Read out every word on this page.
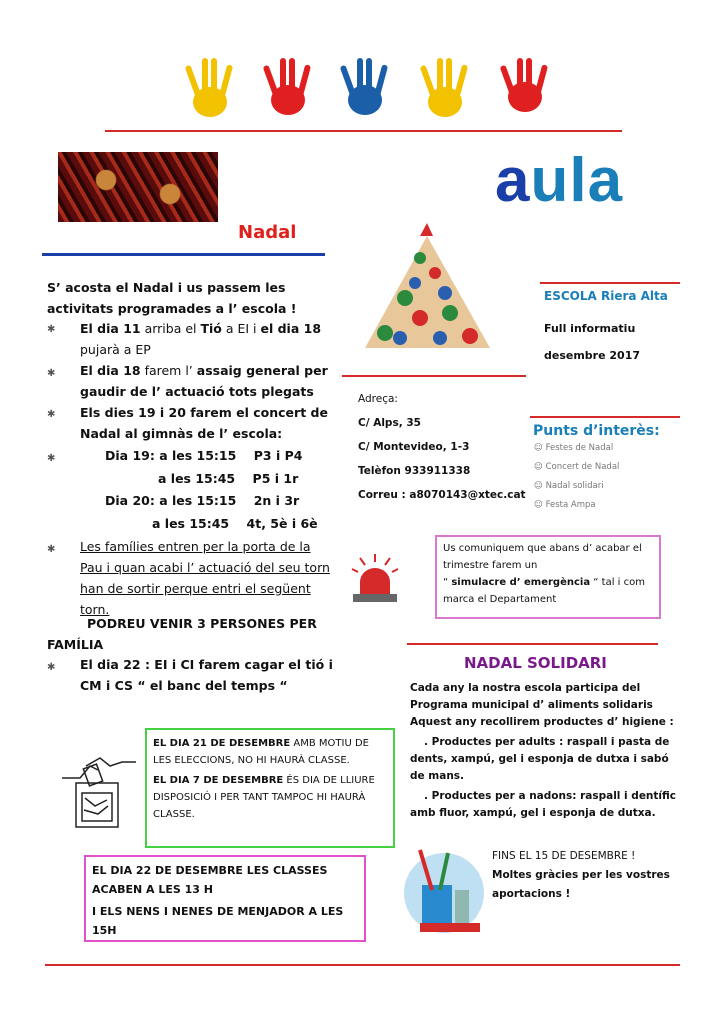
aula
Nadal
S’ acosta el Nadal i us passem les activitats programades a l’ escola !
✱ El dia 11 arriba el Tió a EI i el dia 18 pujarà a EP
✱ El dia 18 farem l’ assaig general per gaudir de l’ actuació tots plegats
✱ Els dies 19 i 20 farem el concert de Nadal al gimnàs de l’ escola:
✱	Dia 19: a les 15:15    P3 i P4
a les 15:45    P5 i 1r
Dia 20: a les 15:15    2n i 3r
a les 15:45    4t, 5è i 6è
✱ Les famílies entren per la porta de la Pau i quan acabi l’ actuació del seu torn han de sortir perque entri el següent torn.
PODREU VENIR 3 PERSONES PER FAMÍLIA
✱ El dia 22 : EI i CI farem cagar el tió i CM i CS “ el banc del temps “
ESCOLA Riera Alta
Full informatiu
desembre 2017
Adreça:
C/ Alps, 35
C/ Montevideo, 1-3
Telèfon 933911338
Correu : a8070143@xtec.cat
Punts d’interès:
☺ Festes de Nadal
☺ Concert de Nadal
☺ Nadal solidari
☺ Festa Ampa
Us comuniquem que abans d’ acabar el trimestre farem un
“ simulacre d’ emergència “ tal i com marca el Departament
NADAL SOLIDARI
Cada any la nostra escola participa del Programa municipal d’ aliments solidaris Aquest any recollirem productes d’ higiene :
. Productes per adults : raspall i pasta de dents, xampú, gel i esponja de dutxa i sabó de mans.
. Productes per a nadons: raspall i dentífic amb fluor, xampú, gel i esponja de dutxa.
FINS EL 15 DE DESEMBRE !
Moltes gràcies per les vostres aportacions !
EL DIA 21 DE DESEMBRE AMB MOTIU DE LES ELECCIONS, NO HI HAURÀ CLASSE.
EL DIA 7 DE DESEMBRE ÉS DIA DE LLIURE DISPOSICIÓ I PER TANT TAMPOC HI HAURÀ CLASSE.
EL DIA 22 DE DESEMBRE LES CLASSES ACABEN A LES 13 H
I ELS NENS I NENES DE MENJADOR A LES 15H
